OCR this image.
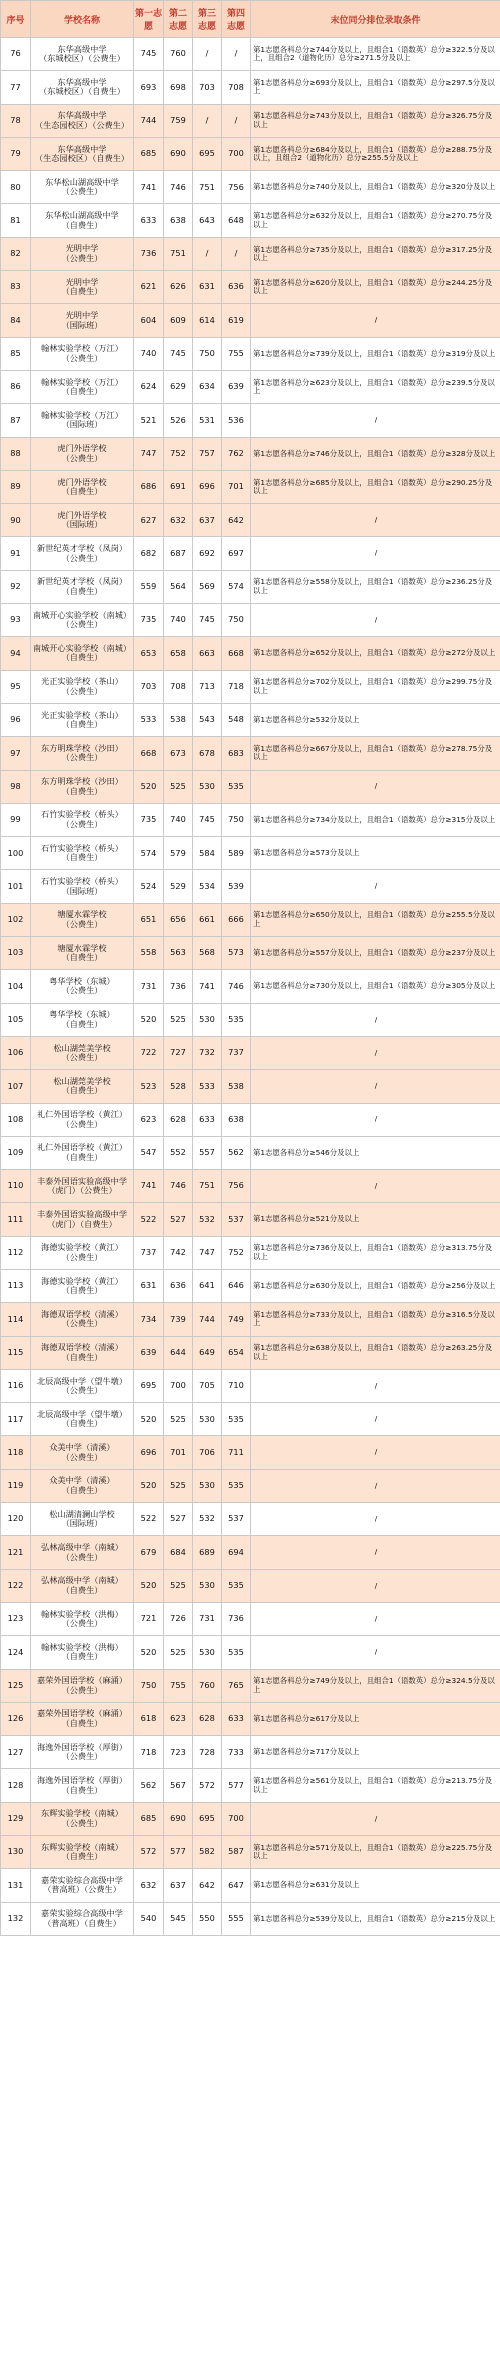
序号	学校名称	第一志愿	第二志愿	第三志愿	第四志愿	末位同分排位录取条件
76	东华高级中学
（东城校区）（公费生）	745	760	/	/	第1志愿各科总分≥744分及以上，且组合1（语数英）总分≥322.5分及以上，且组合2（道物化历）总分≥271.5分及以上
77	东华高级中学
（东城校区）（自费生）	693	698	703	708	第1志愿各科总分≥693分及以上，且组合1（语数英）总分≥297.5分及以上
78	东华高级中学
（生态园校区）（公费生）	744	759	/	/	第1志愿各科总分≥743分及以上，且组合1（语数英）总分≥326.75分及以上
79	东华高级中学
（生态园校区）（自费生）	685	690	695	700	第1志愿各科总分≥684分及以上，且组合1（语数英）总分≥288.75分及以上，且组合2（道物化历）总分≥255.5分及以上
80	东华松山湖高级中学
（公费生）	741	746	751	756	第1志愿各科总分≥740分及以上，且组合1（语数英）总分≥320分及以上
81	东华松山湖高级中学
（自费生）	633	638	643	648	第1志愿各科总分≥632分及以上，且组合1（语数英）总分≥270.75分及以上
82	光明中学
（公费生）	736	751	/	/	第1志愿各科总分≥735分及以上，且组合1（语数英）总分≥317.25分及以上
83	光明中学
（自费生）	621	626	631	636	第1志愿各科总分≥620分及以上，且组合1（语数英）总分≥244.25分及以上
84	光明中学
（国际班）	604	609	614	619	/
85	翰林实验学校（万江）
（公费生）	740	745	750	755	第1志愿各科总分≥739分及以上，且组合1（语数英）总分≥319分及以上
86	翰林实验学校（万江）
（自费生）	624	629	634	639	第1志愿各科总分≥623分及以上，且组合1（语数英）总分≥239.5分及以上
87	翰林实验学校（万江）
（国际班）	521	526	531	536	/
88	虎门外语学校
（公费生）	747	752	757	762	第1志愿各科总分≥746分及以上，且组合1（语数英）总分≥328分及以上
89	虎门外语学校
（自费生）	686	691	696	701	第1志愿各科总分≥685分及以上，且组合1（语数英）总分≥290.25分及以上
90	虎门外语学校
（国际班）	627	632	637	642	/
91	新世纪英才学校（凤岗）
（公费生）	682	687	692	697	/
92	新世纪英才学校（凤岗）
（自费生）	559	564	569	574	第1志愿各科总分≥558分及以上，且组合1（语数英）总分≥236.25分及以上
93	南城开心实验学校（南城）
（公费生）	735	740	745	750	/
94	南城开心实验学校（南城）
（自费生）	653	658	663	668	第1志愿各科总分≥652分及以上，且组合1（语数英）总分≥272分及以上
95	光正实验学校（茶山）
（公费生）	703	708	713	718	第1志愿各科总分≥702分及以上，且组合1（语数英）总分≥299.75分及以上
96	光正实验学校（茶山）
（自费生）	533	538	543	548	第1志愿各科总分≥532分及以上
97	东方明珠学校（沙田）
（公费生）	668	673	678	683	第1志愿各科总分≥667分及以上，且组合1（语数英）总分≥278.75分及以上
98	东方明珠学校（沙田）
（自费生）	520	525	530	535	/
99	石竹实验学校（桥头）
（公费生）	735	740	745	750	第1志愿各科总分≥734分及以上，且组合1（语数英）总分≥315分及以上
100	石竹实验学校（桥头）
（自费生）	574	579	584	589	第1志愿各科总分≥573分及以上
101	石竹实验学校（桥头）
（国际班）	524	529	534	539	/
102	塘厦水霖学校
（公费生）	651	656	661	666	第1志愿各科总分≥650分及以上，且组合1（语数英）总分≥255.5分及以上
103	塘厦水霖学校
（自费生）	558	563	568	573	第1志愿各科总分≥557分及以上，且组合1（语数英）总分≥237分及以上
104	粤华学校（东城）
（公费生）	731	736	741	746	第1志愿各科总分≥730分及以上，且组合1（语数英）总分≥305分及以上
105	粤华学校（东城）
（自费生）	520	525	530	535	/
106	松山湖莞美学校
（公费生）	722	727	732	737	/
107	松山湖莞美学校
（自费生）	523	528	533	538	/
108	礼仁外国语学校（黄江）
（公费生）	623	628	633	638	/
109	礼仁外国语学校（黄江）
（自费生）	547	552	557	562	第1志愿各科总分≥546分及以上
110	丰泰外国语实验高级中学
（虎门）（公费生）	741	746	751	756	/
111	丰泰外国语实验高级中学
（虎门）（自费生）	522	527	532	537	第1志愿各科总分≥521分及以上
112	海德实验学校（黄江）
（公费生）	737	742	747	752	第1志愿各科总分≥736分及以上，且组合1（语数英）总分≥313.75分及以上
113	海德实验学校（黄江）
（自费生）	631	636	641	646	第1志愿各科总分≥630分及以上，且组合1（语数英）总分≥256分及以上
114	海德双语学校（清溪）
（公费生）	734	739	744	749	第1志愿各科总分≥733分及以上，且组合1（语数英）总分≥316.5分及以上
115	海德双语学校（清溪）
（自费生）	639	644	649	654	第1志愿各科总分≥638分及以上，且组合1（语数英）总分≥263.25分及以上
116	北辰高级中学（望牛墩）
（公费生）	695	700	705	710	/
117	北辰高级中学（望牛墩）
（自费生）	520	525	530	535	/
118	众美中学（清溪）
（公费生）	696	701	706	711	/
119	众美中学（清溪）
（自费生）	520	525	530	535	/
120	松山湖清澜山学校
（国际班）	522	527	532	537	/
121	弘林高级中学（南城）
（公费生）	679	684	689	694	/
122	弘林高级中学（南城）
（自费生）	520	525	530	535	/
123	翰林实验学校（洪梅）
（公费生）	721	726	731	736	/
124	翰林实验学校（洪梅）
（自费生）	520	525	530	535	/
125	嘉荣外国语学校（麻涌）
（公费生）	750	755	760	765	第1志愿各科总分≥749分及以上，且组合1（语数英）总分≥324.5分及以上
126	嘉荣外国语学校（麻涌）
（自费生）	618	623	628	633	第1志愿各科总分≥617分及以上
127	海逸外国语学校（厚街）
（公费生）	718	723	728	733	第1志愿各科总分≥717分及以上
128	海逸外国语学校（厚街）
（自费生）	562	567	572	577	第1志愿各科总分≥561分及以上，且组合1（语数英）总分≥213.75分及以上
129	东辉实验学校（南城）
（公费生）	685	690	695	700	/
130	东辉实验学校（南城）
（自费生）	572	577	582	587	第1志愿各科总分≥571分及以上，且组合1（语数英）总分≥225.75分及以上
131	嘉荣实验综合高级中学
（普高班）（公费生）	632	637	642	647	第1志愿各科总分≥631分及以上
132	嘉荣实验综合高级中学
（普高班）（自费生）	540	545	550	555	第1志愿各科总分≥539分及以上，且组合1（语数英）总分≥215分及以上
